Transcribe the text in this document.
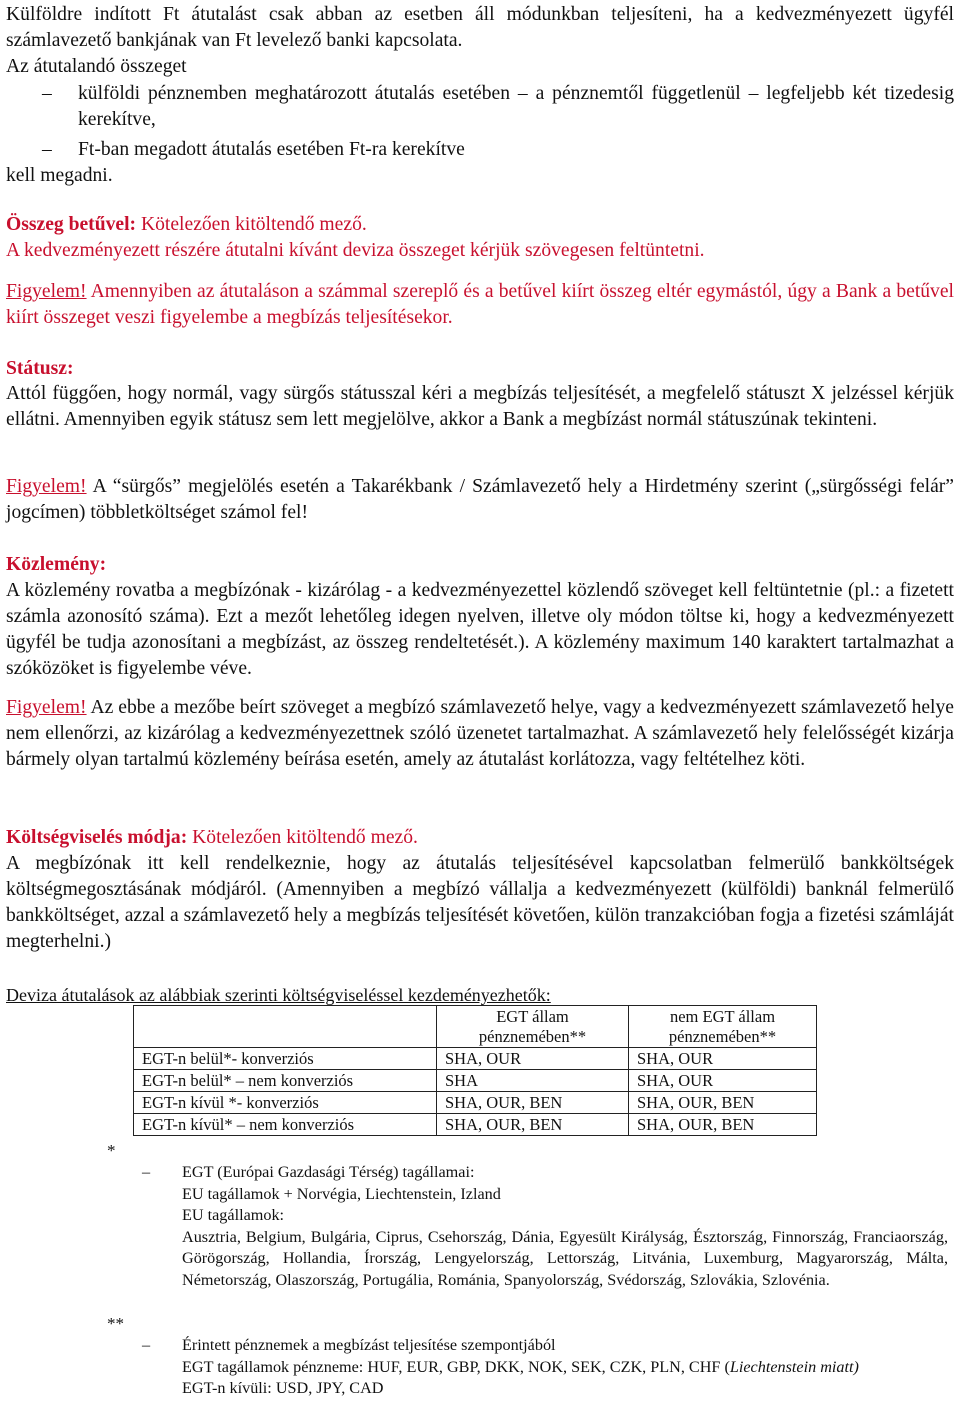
Külföldre indított Ft átutalást csak abban az esetben áll módunkban teljesíteni, ha a kedvezményezett ügyfél számlavezető bankjának van Ft levelező banki kapcsolata.

Az átutalandó összeget

– külföldi pénznemben meghatározott átutalás esetében – a pénznemtől függetlenül – legfeljebb két tizedesig kerekítve,
– Ft-ban megadott átutalás esetében Ft-ra kerekítve

kell megadni.

Összeg betűvel: Kötelezően kitöltendő mező.

A kedvezményezett részére átutalni kívánt deviza összeget kérjük szövegesen feltüntetni.

Figyelem! Amennyiben az átutaláson a számmal szereplő és a betűvel kiírt összeg eltér egymástól, úgy a Bank a betűvel kiírt összeget veszi figyelembe a megbízás teljesítésekor.

Státusz:

Attól függően, hogy normál, vagy sürgős státusszal kéri a megbízás teljesítését, a megfelelő státuszt X jelzéssel kérjük ellátni. Amennyiben egyik státusz sem lett megjelölve, akkor a Bank a megbízást normál státuszúnak tekinteni.

Figyelem! A “sürgős” megjelölés esetén a Takarékbank / Számlavezető hely a Hirdetmény szerint („sürgősségi felár” jogcímen) többletköltséget számol fel!

Közlemény:

A közlemény rovatba a megbízónak - kizárólag - a kedvezményezettel közlendő szöveget kell feltüntetnie (pl.: a fizetett számla azonosító száma). Ezt a mezőt lehetőleg idegen nyelven, illetve oly módon töltse ki, hogy a kedvezményezett ügyfél be tudja azonosítani a megbízást, az összeg rendeltetését.). A közlemény maximum 140 karaktert tartalmazhat a szóközöket is figyelembe véve.

Figyelem! Az ebbe a mezőbe beírt szöveget a megbízó számlavezető helye, vagy a kedvezményezett számlavezető helye nem ellenőrzi, az kizárólag a kedvezményezettnek szóló üzenetet tartalmazhat. A számlavezető hely felelősségét kizárja bármely olyan tartalmú közlemény beírása esetén, amely az átutalást korlátozza, vagy feltételhez köti.

Költségviselés módja: Kötelezően kitöltendő mező.

A megbízónak itt kell rendelkeznie, hogy az átutalás teljesítésével kapcsolatban felmerülő bankköltségek költségmegosztásának módjáról. (Amennyiben a megbízó vállalja a kedvezményezett (külföldi) banknál felmerülő bankköltséget, azzal a számlavezető hely a megbízás teljesítését követően, külön tranzakcióban fogja a fizetési számláját megterhelni.)

Deviza átutalások az alábbiak szerinti költségviseléssel kezdeményezhetők:

	EGT állam pénznemében**	nem EGT állam pénznemében**
EGT-n belül*- konverziós	SHA, OUR	SHA, OUR
EGT-n belül* – nem konverziós	SHA	SHA, OUR
EGT-n kívül *- konverziós	SHA, OUR, BEN	SHA, OUR, BEN
EGT-n kívül* – nem konverziós	SHA, OUR, BEN	SHA, OUR, BEN
*
– EGT (Európai Gazdasági Térség) tagállamai:

EU tagállamok + Norvégia, Liechtenstein, Izland

EU tagállamok:

Ausztria, Belgium, Bulgária, Ciprus, Csehország, Dánia, Egyesült Királyság, Észtország, Finnország, Franciaország, Görögország, Hollandia, Írország, Lengyelország, Lettország, Litvánia, Luxemburg, Magyarország, Málta, Németország, Olaszország, Portugália, Románia, Spanyolország, Svédország, Szlovákia, Szlovénia.

**
– Érintett pénznemek a megbízást teljesítése szempontjából

EGT tagállamok pénzneme: HUF, EUR, GBP, DKK, NOK, SEK, CZK, PLN, CHF (Liechtenstein miatt)

EGT-n kívüli: USD, JPY, CAD
